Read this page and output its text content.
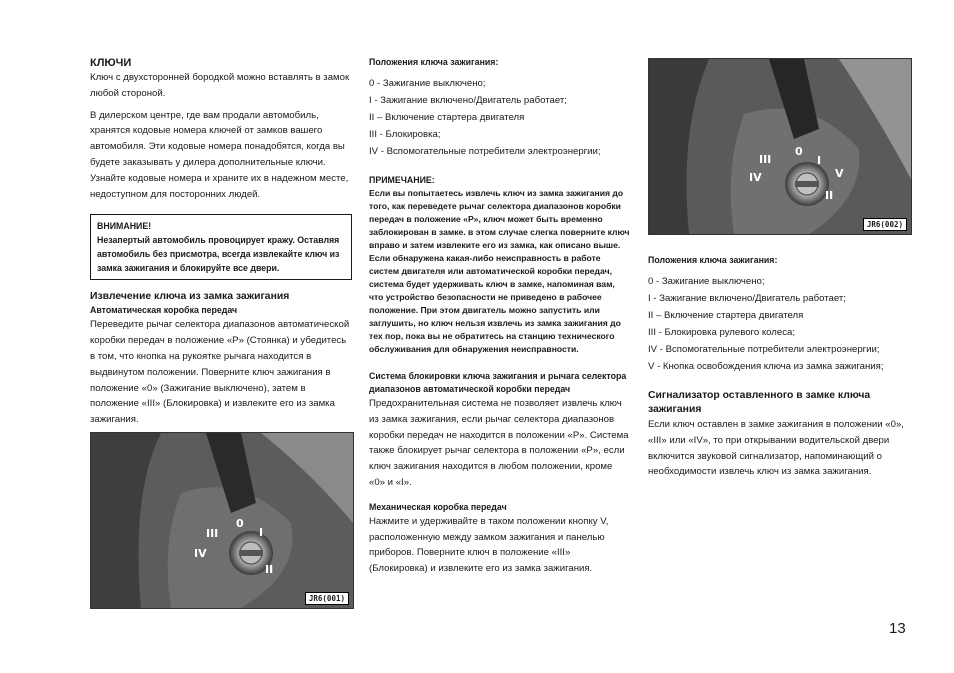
КЛЮЧИ

Ключ с двухсторонней бородкой можно вставлять в замок любой стороной.

В дилерском центре, где вам продали автомобиль, хранятся кодовые номера ключей от замков вашего автомобиля. Эти кодовые номера понадобятся, когда вы будете заказывать у дилера дополнительные ключи. Узнайте кодовые номера и храните их в надежном месте, недоступном для посторонних людей.

ВНИМАНИЕ!

Незапертый автомобиль провоцирует кражу. Оставляя автомобиль без присмотра, всегда извлекайте ключ из замка зажигания и блокируйте все двери.

Извлечение ключа из замка зажигания

Автоматическая коробка передач

Переведите рычаг селектора диапазонов автоматической коробки передач в положение «P» (Стоянка) и убедитесь в том, что кнопка на рукоятке рычага находится в выдвинутом положении. Поверните ключ зажигания в положение «0» (Зажигание выключено), затем в положение «III» (Блокировка) и извлеките его из замка зажигания.

III
0
I
IV
II
JR6(001)

Положения ключа зажигания:

0 - Зажигание выключено;

I - Зажигание включено/Двигатель работает;

II – Включение стартера двигателя

III - Блокировка;

IV - Вспомогательные потребители электроэнергии;

ПРИМЕЧАНИЕ:

Если вы попытаетесь извлечь ключ из замка зажигания до того, как переведете рычаг селектора диапазонов коробки передач в положение «P», ключ может быть временно заблокирован в замке. в этом случае слегка поверните ключ вправо и затем извлеките его из замка, как описано выше. Если обнаружена какая-либо неисправность в работе систем двигателя или автоматической коробки передач, система будет удерживать ключ в замке, напоминая вам, что устройство безопасности не приведено в рабочее положение. При этом двигатель можно запустить или заглушить, но ключ нельзя извлечь из замка зажигания до тех пор, пока вы не обратитесь на станцию технического обслуживания для обнаружения неисправности.

Система блокировки ключа зажигания и рычага селектора диапазонов автоматической коробки передач

Предохранительная система не позволяет извлечь ключ из замка зажигания, если рычаг селектора диапазонов коробки передач не находится в положении «P». Система также блокирует рычаг селектора в положении «P», если ключ зажигания находится в любом положении, кроме «0» и «I».

Механическая коробка передач

Нажмите и удерживайте в таком положении кнопку V, расположенную между замком зажигания и панелью приборов. Поверните ключ в положение «III» (Блокировка) и извлеките его из замка зажигания.

III
0
I
IV	V
II
JR6(002)

Положения ключа зажигания:

0 - Зажигание выключено;

I - Зажигание включено/Двигатель работает;

II – Включение стартера двигателя

III - Блокировка рулевого колеса;

IV - Вспомогательные потребители электроэнергии;

V - Кнопка освобождения ключа из замка зажигания;

Сигнализатор оставленного в замке ключа зажигания

Если ключ оставлен в замке зажигания в положении «0», «III» или «IV», то при открывании водительской двери включится звуковой сигнализатор, напоминающий о необходимости извлечь ключ из замка зажигания.

13
